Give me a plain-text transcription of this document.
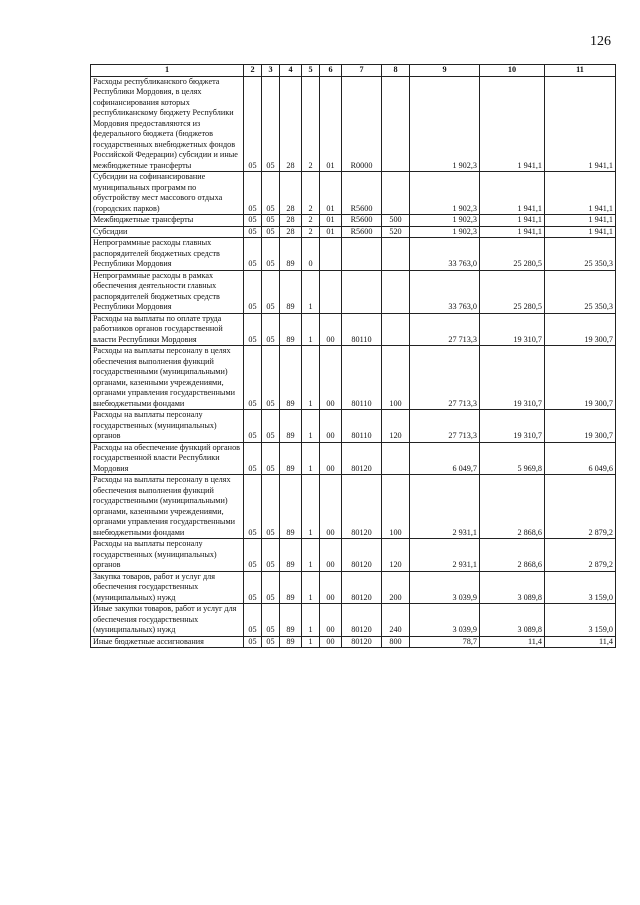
126
1	2	3	4	5	6	7	8	9	10	11
Расходы республиканского бюджета Республики Мордовия, в целях софинансирования которых республиканскому бюджету Республики Мордовия предоставляются из федерального бюджета (бюджетов государственных внебюджетных фондов Российской Федерации) субсидии и иные межбюджетные трансферты	05	05	28	2	01	R0000		1 902,3	1 941,1	1 941,1
Субсидии на софинансирование муниципальных программ по обустройству мест массового отдыха (городских парков)	05	05	28	2	01	R5600		1 902,3	1 941,1	1 941,1
Межбюджетные трансферты	05	05	28	2	01	R5600	500	1 902,3	1 941,1	1 941,1
Субсидии	05	05	28	2	01	R5600	520	1 902,3	1 941,1	1 941,1
Непрограммные расходы главных распорядителей бюджетных средств Республики Мордовия	05	05	89	0				33 763,0	25 280,5	25 350,3
Непрограммные расходы в рамках обеспечения деятельности главных распорядителей бюджетных средств Республики Мордовия	05	05	89	1				33 763,0	25 280,5	25 350,3
Расходы на выплаты по оплате труда работников органов государственной власти Республики Мордовия	05	05	89	1	00	80110		27 713,3	19 310,7	19 300,7
Расходы на выплаты персоналу в целях обеспечения выполнения функций государственными (муниципальными) органами, казенными учреждениями, органами управления государственными внебюджетными фондами	05	05	89	1	00	80110	100	27 713,3	19 310,7	19 300,7
Расходы на выплаты персоналу государственных (муниципальных) органов	05	05	89	1	00	80110	120	27 713,3	19 310,7	19 300,7
Расходы на обеспечение функций органов государственной власти Республики Мордовия	05	05	89	1	00	80120		6 049,7	5 969,8	6 049,6
Расходы на выплаты персоналу в целях обеспечения выполнения функций государственными (муниципальными) органами, казенными учреждениями, органами управления государственными внебюджетными фондами	05	05	89	1	00	80120	100	2 931,1	2 868,6	2 879,2
Расходы на выплаты персоналу государственных (муниципальных) органов	05	05	89	1	00	80120	120	2 931,1	2 868,6	2 879,2
Закупка товаров, работ и услуг для обеспечения государственных (муниципальных) нужд	05	05	89	1	00	80120	200	3 039,9	3 089,8	3 159,0
Иные закупки товаров, работ и услуг для обеспечения государственных (муниципальных) нужд	05	05	89	1	00	80120	240	3 039,9	3 089,8	3 159,0
Иные бюджетные ассигнования	05	05	89	1	00	80120	800	78,7	11,4	11,4
